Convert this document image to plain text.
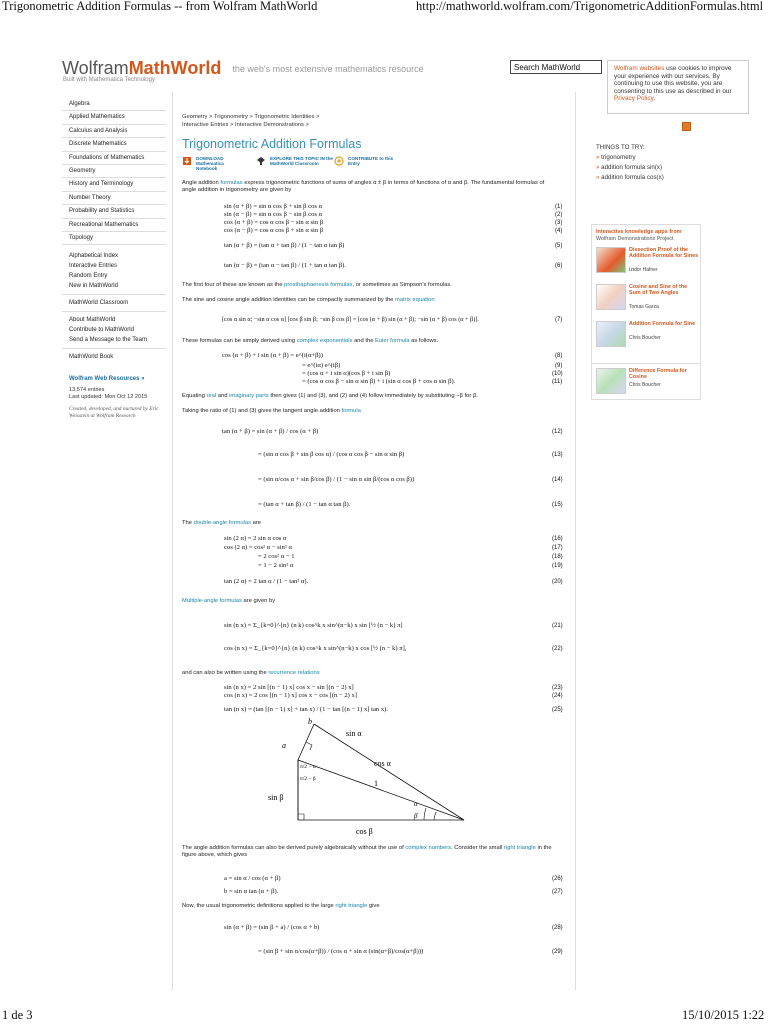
Trigonometric Addition Formulas -- from Wolfram MathWorld	http://mathworld.wolfram.com/TrigonometricAdditionFormulas.html
WolframMathWorld the web's most extensive mathematics resource
Built with Mathematica Technology
Search MathWorld	Wolfram websites use cookies to improve your experience with our services. By continuing to use this website, you are consenting to this use as described in our Privacy Policy.
Algebra
Applied Mathematics
Calculus and Analysis
Discrete Mathematics
Foundations of Mathematics
Geometry
History and Terminology
Number Theory
Probability and Statistics
Recreational Mathematics
Topology
Alphabetical Index
Interactive Entries
Random Entry
New in MathWorld
MathWorld Classroom
About MathWorld
Contribute to MathWorld
Send a Message to the Team
MathWorld Book
Wolfram Web Resources »
13,574 entries
Last updated: Mon Oct 12 2015
Created, developed, and nurtured by Eric Weisstein at Wolfram Research
Geometry > Trigonometry > Trigonometric Identities >
Interactive Entries > Interactive Demonstrations >
Trigonometric Addition Formulas
DOWNLOAD Mathematica Notebook
EXPLORE THIS TOPIC IN the MathWorld Classroom
CONTRIBUTE to this Entry
Angle addition formulas express trigonometric functions of sums of angles α ± β in terms of functions of α and β. The fundamental formulas of angle addition in trigonometry are given by
sin (α + β) = sin α cos β + sin β cos α	(1)
sin (α − β) = sin α cos β − sin β cos α	(2)
cos (α + β) = cos α cos β − sin α sin β	(3)
cos (α − β) = cos α cos β + sin α sin β	(4)
tan (α + β) = (tan α + tan β) / (1 − tan α tan β)	(5)
tan (α − β) = (tan α − tan β) / (1 + tan α tan β).	(6)
The first four of these are known as the prosthaphaeresis formulas, or sometimes as Simpson's formulas.
The sine and cosine angle addition identities can be compactly summarized by the matrix equation
[cos α sin α; −sin α cos α] [cos β sin β; −sin β cos β] = [cos (α + β) sin (α + β); −sin (α + β) cos (α + β)].	(7)
These formulas can be simply derived using complex exponentials and the Euler formula as follows.
cos (α + β) + i sin (α + β) = e^(i(α+β))	(8)
= e^(iα) e^(iβ)	(9)
= (cos α + i sin α)(cos β + i sin β)	(10)
= (cos α cos β − sin α sin β) + i (sin α cos β + cos α sin β).	(11)
Equating real and imaginary parts then gives (1) and (3), and (2) and (4) follow immediately by substituting −β for β.
Taking the ratio of (1) and (3) gives the tangent angle addition formula
tan (α + β) = sin (α + β) / cos (α + β)	(12)
= (sin α cos β + sin β cos α) / (cos α cos β − sin α sin β)	(13)
= (sin α/cos α + sin β/cos β) / (1 − sin α sin β/(cos α cos β))	(14)
= (tan α + tan β) / (1 − tan α tan β).	(15)
The double-angle formulas are
sin (2 α) = 2 sin α cos α	(16)
cos (2 α) = cos² α − sin² α	(17)
= 2 cos² α − 1	(18)
= 1 − 2 sin² α	(19)
tan (2 α) = 2 tan α / (1 − tan² α).	(20)
Multiple-angle formulas are given by
sin (n x) = Σ_{k=0}^{n} (n k) cos^k x sin^(n−k) x sin [½ (n − k) π]	(21)
cos (n x) = Σ_{k=0}^{n} (n k) cos^k x sin^(n−k) x cos [½ (n − k) π],	(22)
and can also be written using the recurrence relations
sin (n x) = 2 sin [(n − 1) x] cos x − sin [(n − 2) x]	(23)
cos (n x) = 2 cos [(n − 1) x] cos x − cos [(n − 2) x]	(24)
tan (n x) = (tan [(n − 1) x] + tan x) / (1 − tan [(n − 1) x] tan x).	(25)
sin α
cos α
sin β
cos β
a
b
1
α
β
π/2 − α
π/2 − β
The angle addition formulas can also be derived purely algebraically without the use of complex numbers. Consider the small right triangle in the figure above, which gives
a = sin α / cos (α + β)	(26)
b = sin α tan (α + β).	(27)
Now, the usual trigonometric definitions applied to the large right triangle give
sin (α + β) = (sin β + a) / (cos α + b)	(28)
= (sin β + sin α/cos(α+β)) / (cos α + sin α (sin(α+β)/cos(α+β)))	(29)
THINGS TO TRY:
» trigonometry
» addition formula sin(x)
» addition formula cos(x)
Interactive knowledge apps from
Wolfram Demonstrations Project
Dissection Proof of the Addition Formula for Sines
Izidor Hafner
Cosine and Sine of the Sum of Two Angles
Tomas Garza
Addition Formula for Sine
Chris Boucher
Difference Formula for Cosine
Chris Boucher
1 de 3	15/10/2015 1:22
